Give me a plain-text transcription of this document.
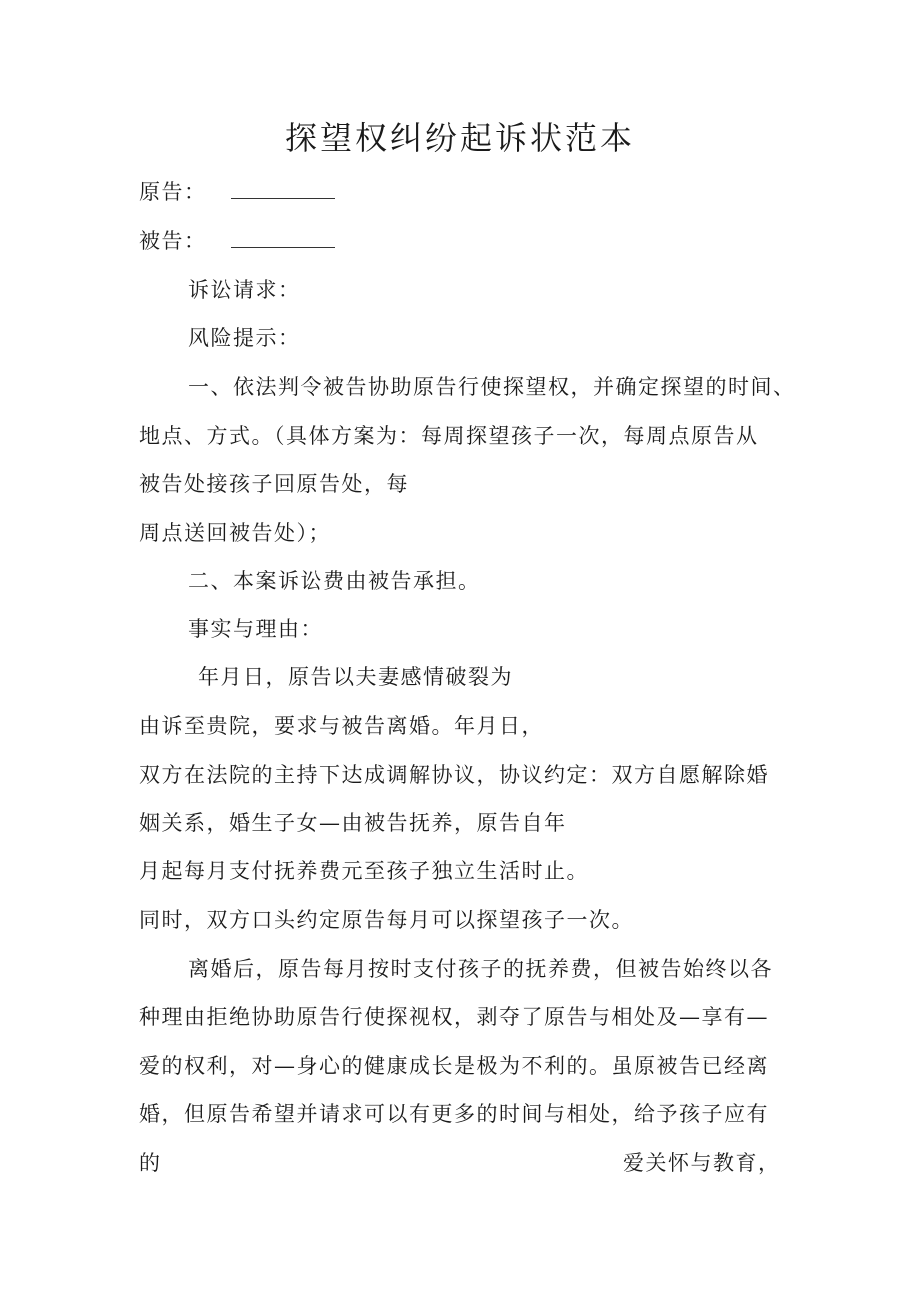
探望权纠纷起诉状范本
原告：
被告：
诉讼请求：
风险提示：
一、依法判令被告协助原告行使探望权，并确定探望的时间、
地点、方式。（具体方案为：每周探望孩子一次，每周点原告从
被告处接孩子回原告处，每
周点送回被告处）；
二、本案诉讼费由被告承担。
事实与理由：
年月日，原告以夫妻感情破裂为
由诉至贵院，要求与被告离婚。年月日，
双方在法院的主持下达成调解协议，协议约定：双方自愿解除婚
姻关系，婚生子女—由被告抚养，原告自年
月起每月支付抚养费元至孩子独立生活时止。
同时，双方口头约定原告每月可以探望孩子一次。
离婚后，原告每月按时支付孩子的抚养费，但被告始终以各
种理由拒绝协助原告行使探视权，剥夺了原告与相处及—享有—
爱的权利，对—身心的健康成长是极为不利的。虽原被告已经离
婚，但原告希望并请求可以有更多的时间与相处，给予孩子应有
的	爱关怀与教育，
